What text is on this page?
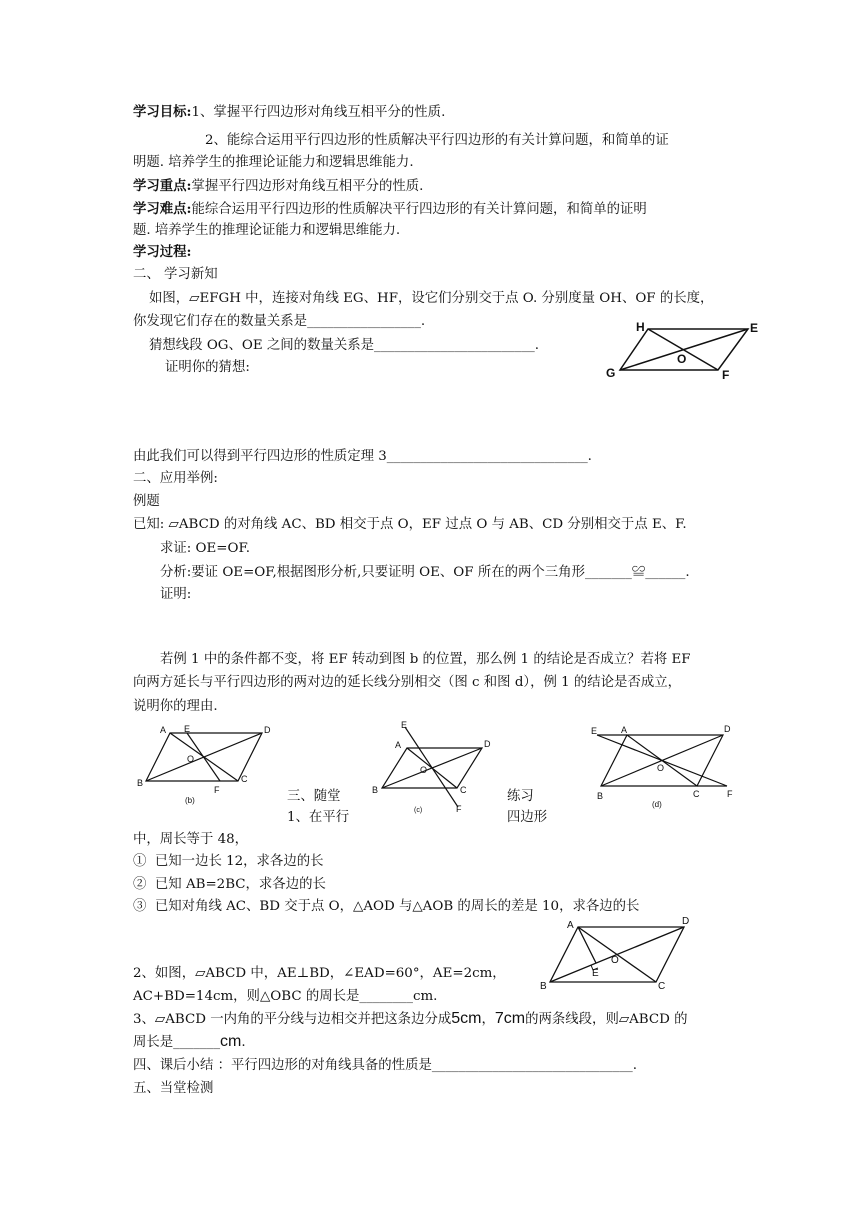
学习目标:1、掌握平行四边形对角线互相平分的性质.
2、能综合运用平行四边形的性质解决平行四边形的有关计算问题，和简单的证
明题. 培养学生的推理论证能力和逻辑思维能力.
学习重点:掌握平行四边形对角线互相平分的性质.
学习难点:能综合运用平行四边形的性质解决平行四边形的有关计算问题，和简单的证明
题. 培养学生的推理论证能力和逻辑思维能力.
学习过程:
二、 学习新知
如图，▱EFGH 中，连接对角线 EG、HF，设它们分别交于点 O. 分别度量 OH、OF 的长度，
你发现它们存在的数量关系是_________________.
猜想线段 OG、OE 之间的数量关系是________________________.
证明你的猜想:
H	E
G	F
O
由此我们可以得到平行四边形的性质定理 3______________________________.
二、应用举例:
例题
已知: ▱ABCD 的对角线 AC、BD 相交于点 O，EF 过点 O 与 AB、CD 分别相交于点 E、F.
求证: OE=OF.
分析:要证 OE=OF,根据图形分析,只要证明 OE、OF 所在的两个三角形_______≌______.
证明:
若例 1 中的条件都不变，将 EF 转动到图 b 的位置，那么例 1 的结论是否成立？若将 EF
向两方延长与平行四边形的两对边的延长线分别相交（图 c 和图 d），例 1 的结论是否成立，
说明你的理由.
A E	D
O
B	C
F
(b)	三、随堂
1、在平行
E
A	D
O
B	C
F
(c)
练习
四边形
E	A	D
O
B	C	F
(d)
中，周长等于 48，
① 已知一边长 12，求各边的长
② 已知 AB=2BC，求各边的长
③ 已知对角线 AC、BD 交于点 O，△AOD 与△AOB 的周长的差是 10，求各边的长
A	D
E
O
B	C
2、如图，▱ABCD 中，AE⊥BD，∠EAD=60°，AE=2cm，
AC+BD=14cm，则△OBC 的周长是________cm.
3、▱ABCD 一内角的平分线与边相交并把这条边分成5cm，7cm的两条线段，则▱ABCD 的
周长是_______cm.
四、课后小结 ：平行四边形的对角线具备的性质是______________________________.
五、当堂检测
